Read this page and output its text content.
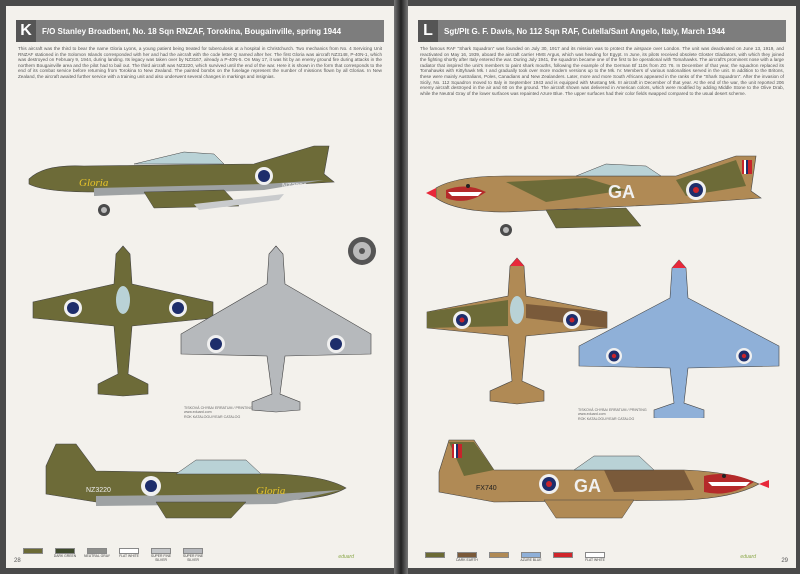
K	F/O Stanley Broadbent, No. 18 Sqn RNZAF, Torokina, Bougainville, spring 1944
This aircraft was the third to bear the name Gloria Lyons, a young patient being treated for tuberculosis at a hospital in Christchurch. Two mechanics from No. 4 Servicing Unit RNZAF stationed in the Solomon Islands corresponded with her and had the aircraft with the code letter Q named after her. The first Gloria was aircraft NZ3148, P-40N-1, which was destroyed on February 9, 1944, during landing. Its legacy was taken over by NZ3167, already a P-40N-5. On May 17, it was hit by an enemy ground fire during attacks in the northern Bougainville area and the pilot had to bail out. The third aircraft was NZ3220, which survived until the end of the war. Here it is shown in the form that corresponds to the end of its combat service before returning from Torokina to New Zealand. The painted bombs on the fuselage represent the number of missions flown by all Glorias. In New Zealand, the aircraft awaited further service with a training unit and also underwent several changes in markings and insignias.
Gloria	NZ3220
TISKOVÁ CHYBA/ ERRATUM / PRINTING
www.eduard.com
ROK KATALOGU/YEAR CATALOG
Gloria
NZ3220
DARK GREEN	NEUTRAL GRAY	FLAT WHITE	SUPER FINE SILVER
SUPER FINE SILVER
28
eduard
L	Sgt/Plt G. F. Davis, No 112 Sqn RAF, Cutella/Sant Angelo, Italy, March 1944
The famous RAF "Shark Squadron" was founded on July 30, 1917 and its mission was to protect the airspace over London. The unit was deactivated on June 13, 1919, and reactivated on May 16, 1939, aboard the aircraft carrier HMS Argus, which was heading for Egypt. In June, its pilots received obsolete Gloster Gladiators, with which they joined the fighting shortly after Italy entered the war. During July 1941, the squadron became one of the first to be operational with Tomahawks. The aircraft's prominent nose with a large radiator that inspired the unit's members to paint shark mouths, following the example of the German Bf 110s from ZG 76. In December of that year, the squadron replaced its Tomahawks with Kittyhawk Mk. I and gradually took over more modern versions up to the Mk. IV. Members of various nationalities served in the unit. In addition to the Britons, these were mainly Australians, Poles, Canadians and New Zealanders. Later, more and more South Africans appeared in the ranks of the "Shark Squadron". After the invasion of Sicily, No. 112 Squadron moved to Italy in September 1943 and is equipped with Mustang Mk. III aircraft in December of that year. At the end of the war, the unit reported 206 enemy aircraft destroyed in the air and 60 on the ground. The aircraft shown was delivered in American colors, which were modified by adding Middle Stone to the Olive Drab, while the Neutral Gray of the lower surfaces was repainted Azure Blue. The upper surfaces had their color fields swapped compared to the usual desert scheme.
GA
TISKOVÁ CHYBA/ ERRATUM / PRINTING
www.eduard.com
ROK KATALOGU/YEAR CATALOG
GA
FX740
DARK EARTH	AZURE BLUE	FLAT WHITE	29
eduard
